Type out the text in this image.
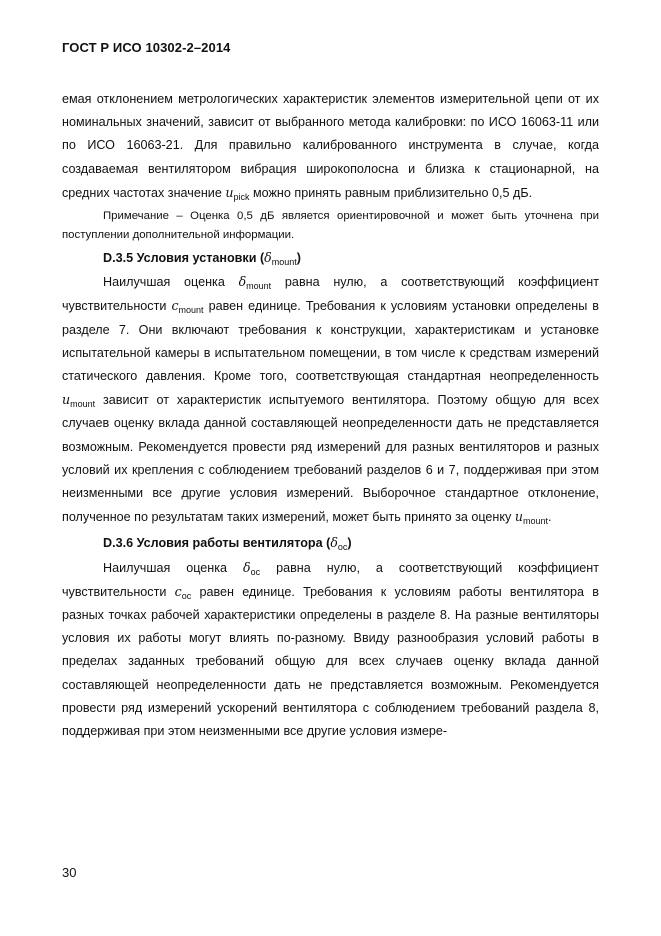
ГОСТ Р ИСО 10302-2–2014

емая отклонением метрологических характеристик элементов измерительной цепи от их номинальных значений, зависит от выбранного метода калибровки: по ИСО 16063-11 или по ИСО 16063-21. Для правильно калиброванного инструмента в случае, когда создаваемая вентилятором вибрация широкополосна и близка к стационарной, на средних частотах значение $u_{pick}$ можно принять равным приблизительно 0,5 дБ.

Примечание – Оценка 0,5 дБ является ориентировочной и может быть уточнена при поступлении дополнительной информации.

D.3.5 Условия установки $(\delta_{mount})$

Наилучшая оценка $\delta_{mount}$ равна нулю, а соответствующий коэффициент чувствительности $c_{mount}$ равен единице. Требования к условиям установки определены в разделе 7. Они включают требования к конструкции, характеристикам и установке испытательной камеры в испытательном помещении, в том числе к средствам измерений статического давления. Кроме того, соответствующая стандартная неопределенность $u_{mount}$ зависит от характеристик испытуемого вентилятора. Поэтому общую для всех случаев оценку вклада данной составляющей неопределенности дать не представляется возможным. Рекомендуется провести ряд измерений для разных вентиляторов и разных условий их крепления с соблюдением требований разделов 6 и 7, поддерживая при этом неизменными все другие условия измерений. Выборочное стандартное отклонение, полученное по результатам таких измерений, может быть принято за оценку $u_{mount}$.

D.3.6 Условия работы вентилятора $(\delta_{oc})$

Наилучшая оценка $\delta_{oc}$ равна нулю, а соответствующий коэффициент чувствительности $c_{oc}$ равен единице. Требования к условиям работы вентилятора в разных точках рабочей характеристики определены в разделе 8. На разные вентиляторы условия их работы могут влиять по-разному. Ввиду разнообразия условий работы в пределах заданных требований общую для всех случаев оценку вклада данной составляющей неопределенности дать не представляется возможным. Рекомендуется провести ряд измерений ускорений вентилятора с соблюдением требований раздела 8, поддерживая при этом неизменными все другие условия измере-

30
